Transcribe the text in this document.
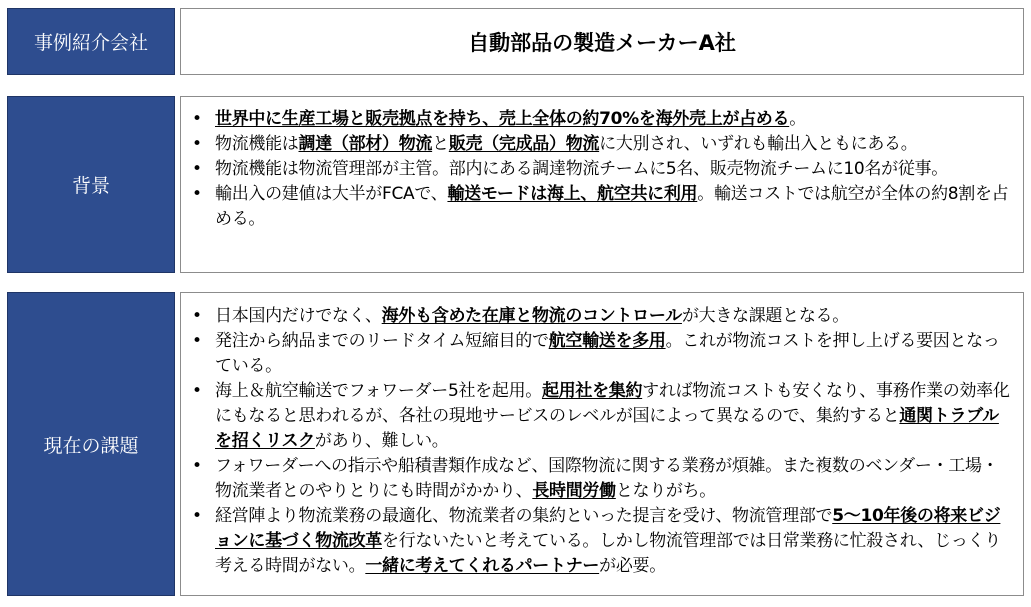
事例紹介会社	自動部品の製造メーカーA社
背景
• 世界中に生産工場と販売拠点を持ち、売上全体の約70%を海外売上が占める。
• 物流機能は調達（部材）物流と販売（完成品）物流に大別され、いずれも輸出入ともにある。
• 物流機能は物流管理部が主管。部内にある調達物流チームに5名、販売物流チームに10名が従事。
• 輸出入の建値は大半がFCAで、輸送モードは海上、航空共に利用。輸送コストでは航空が全体の約8割を占める。
現在の課題
• 日本国内だけでなく、海外も含めた在庫と物流のコントロールが大きな課題となる。
• 発注から納品までのリードタイム短縮目的で航空輸送を多用。これが物流コストを押し上げる要因となっている。
• 海上＆航空輸送でフォワーダー5社を起用。起用社を集約すれば物流コストも安くなり、事務作業の効率化にもなると思われるが、各社の現地サービスのレベルが国によって異なるので、集約すると通関トラブルを招くリスクがあり、難しい。
• フォワーダーへの指示や船積書類作成など、国際物流に関する業務が煩雑。また複数のベンダー・工場・物流業者とのやりとりにも時間がかかり、長時間労働となりがち。
• 経営陣より物流業務の最適化、物流業者の集約といった提言を受け、物流管理部で5〜10年後の将来ビジョンに基づく物流改革を行ないたいと考えている。しかし物流管理部では日常業務に忙殺され、じっくり考える時間がない。一緒に考えてくれるパートナーが必要。
